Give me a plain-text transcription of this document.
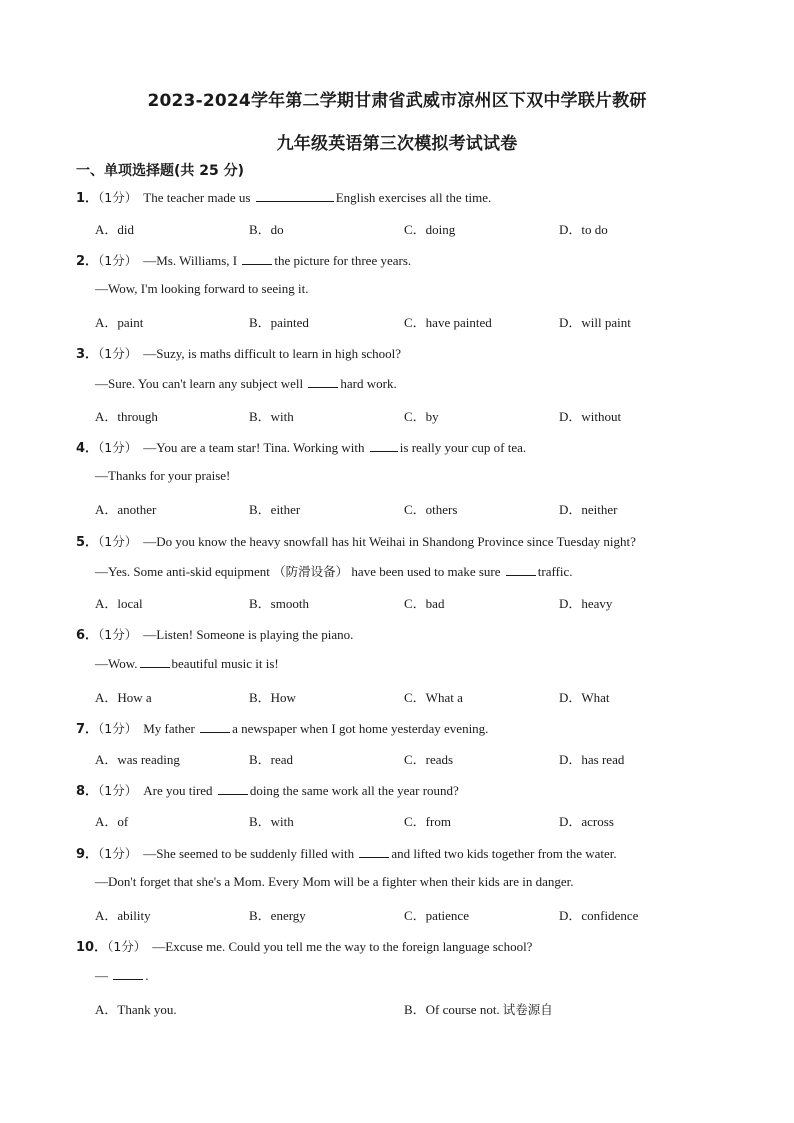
2023-2024学年第二学期甘肃省武威市凉州区下双中学联片教研
九年级英语第三次模拟考试试卷
一、单项选择题(共 25 分)
1．（1分） The teacher made us	English exercises all the time.
A．did	B．do	C．doing	D．to do
2．（1分） —Ms. Williams, I	the picture for three years.
—Wow, I'm looking forward to seeing it.
A．paint	B．painted	C．have painted	D．will paint
3．（1分） —Suzy, is maths difficult to learn in high school?
—Sure. You can't learn any subject well	hard work.
A．through	B．with	C．by	D．without
4．（1分） —You are a team star! Tina. Working with	is really your cup of tea.
—Thanks for your praise!
A．another	B．either	C．others	D．neither
5．（1分） —Do you know the heavy snowfall has hit Weihai in Shandong Province since Tuesday night?
—Yes. Some anti-skid equipment （防滑设备） have been used to make sure	traffic.
A．local	B．smooth	C．bad	D．heavy
6．（1分） —Listen! Someone is playing the piano.
—Wow.	beautiful music it is!
A．How a	B．How	C．What a	D．What
7．（1分） My father	a newspaper when I got home yesterday evening.
A．was reading	B．read	C．reads	D．has read
8．（1分） Are you tired	doing the same work all the year round?
A．of	B．with	C．from	D．across
9．（1分） —She seemed to be suddenly filled with	and lifted two kids together from the water.
—Don't forget that she's a Mom. Every Mom will be a fighter when their kids are in danger.
A．ability	B．energy	C．patience	D．confidence
10．（1分） —Excuse me. Could you tell me the way to the foreign language school?
—	.
A．Thank you.	B．Of course not. 试卷源自
